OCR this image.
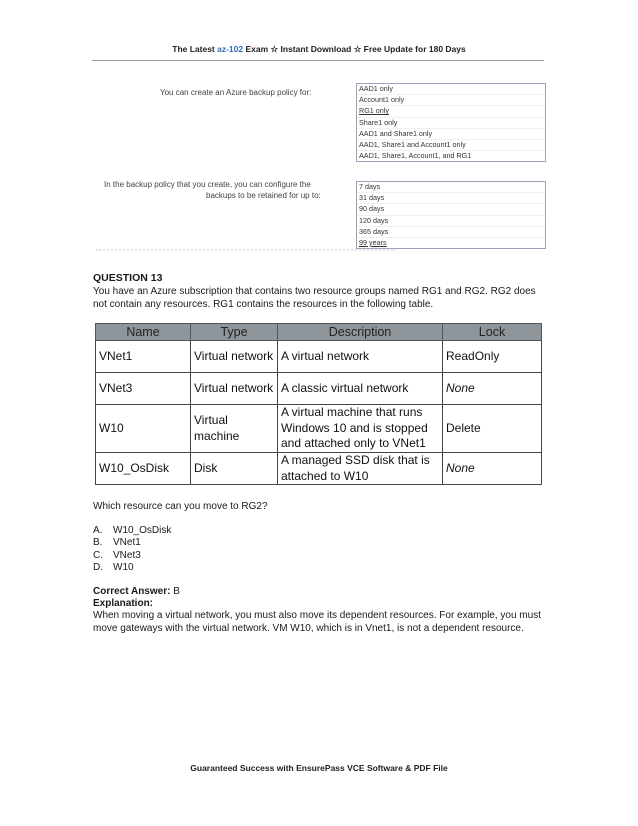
The Latest az-102 Exam ☆ Instant Download ☆ Free Update for 180 Days
You can create an Azure backup policy for:	AAD1 only
Account1 only
RG1 only
Share1 only
AAD1 and Share1 only
AAD1, Share1 and Account1 only
AAD1, Share1, Account1, and RG1
In the backup policy that you create, you can configure the
backups to be retained for up to:
7 days
31 days
90 days
120 days
365 days
99 years
QUESTION 13
You have an Azure subscription that contains two resource groups named RG1 and RG2. RG2 does not contain any resources. RG1 contains the resources in the following table.
Name	Type	Description	Lock
VNet1	Virtual network	A virtual network	ReadOnly
VNet3	Virtual network	A classic virtual network	None
W10	Virtual machine	A virtual machine that runs Windows 10 and is stopped and attached only to VNet1	Delete
W10_OsDisk	Disk	A managed SSD disk that is attached to W10	None
Which resource can you move to RG2?
A. W10_OsDisk
B. VNet1
C. VNet3
D. W10
Correct Answer: B
Explanation:
When moving a virtual network, you must also move its dependent resources. For example, you must move gateways with the virtual network. VM W10, which is in Vnet1, is not a dependent resource.
Guaranteed Success with EnsurePass VCE Software & PDF File
